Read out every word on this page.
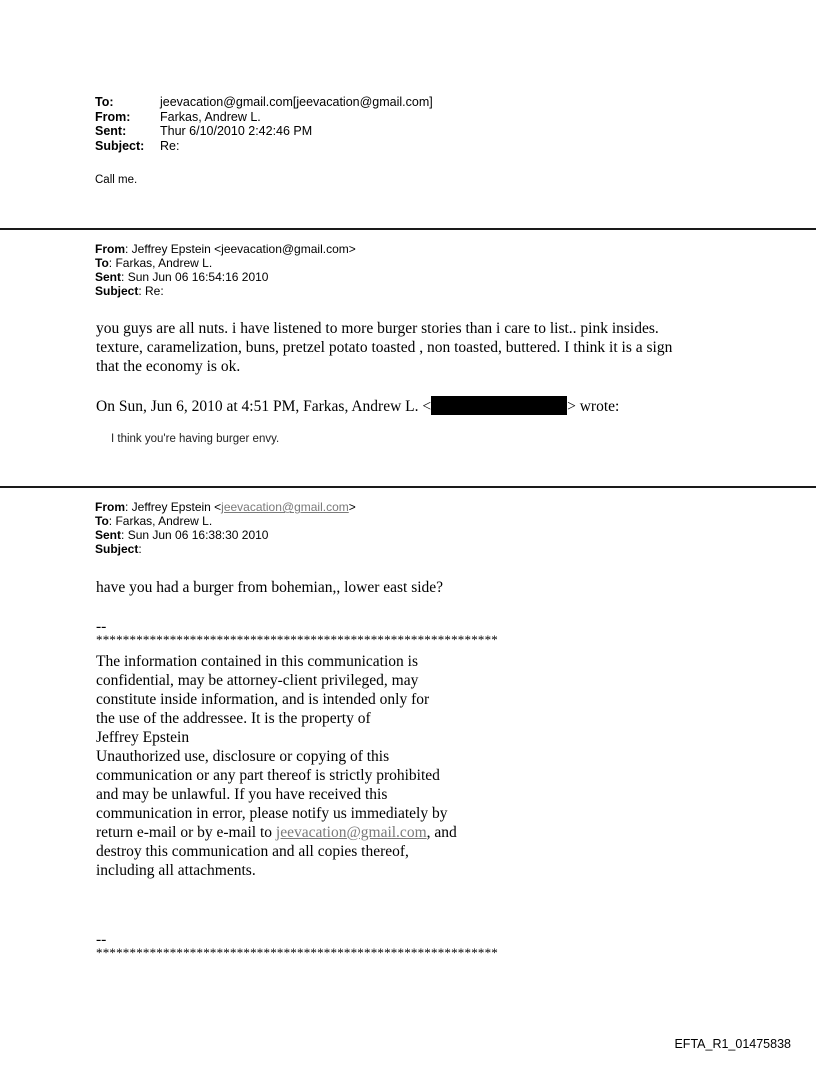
To:	jeevacation@gmail.com[jeevacation@gmail.com]
From:	Farkas, Andrew L.
Sent:	Thur 6/10/2010 2:42:46 PM
Subject:	Re:
Call me.
From: Jeffrey Epstein <jeevacation@gmail.com>
To: Farkas, Andrew L.
Sent: Sun Jun 06 16:54:16 2010
Subject: Re:
you guys are all nuts. i have listened to more burger stories than i care to list.. pink insides.
texture, caramelization, buns, pretzel potato toasted , non toasted, buttered. I think it is a sign
that the economy is ok.
On Sun, Jun 6, 2010 at 4:51 PM, Farkas, Andrew L. <	> wrote:
I think you're having burger envy.
From: Jeffrey Epstein <jeevacation@gmail.com>
To: Farkas, Andrew L.
Sent: Sun Jun 06 16:38:30 2010
Subject:
have you had a burger from bohemian,, lower east side?
--
************************************************************
The information contained in this communication is
confidential, may be attorney-client privileged, may
constitute inside information, and is intended only for
the use of the addressee. It is the property of
Jeffrey Epstein
Unauthorized use, disclosure or copying of this
communication or any part thereof is strictly prohibited
and may be unlawful. If you have received this
communication in error, please notify us immediately by
return e-mail or by e-mail to jeevacation@gmail.com, and
destroy this communication and all copies thereof,
including all attachments.
--
************************************************************
EFTA_R1_01475838
